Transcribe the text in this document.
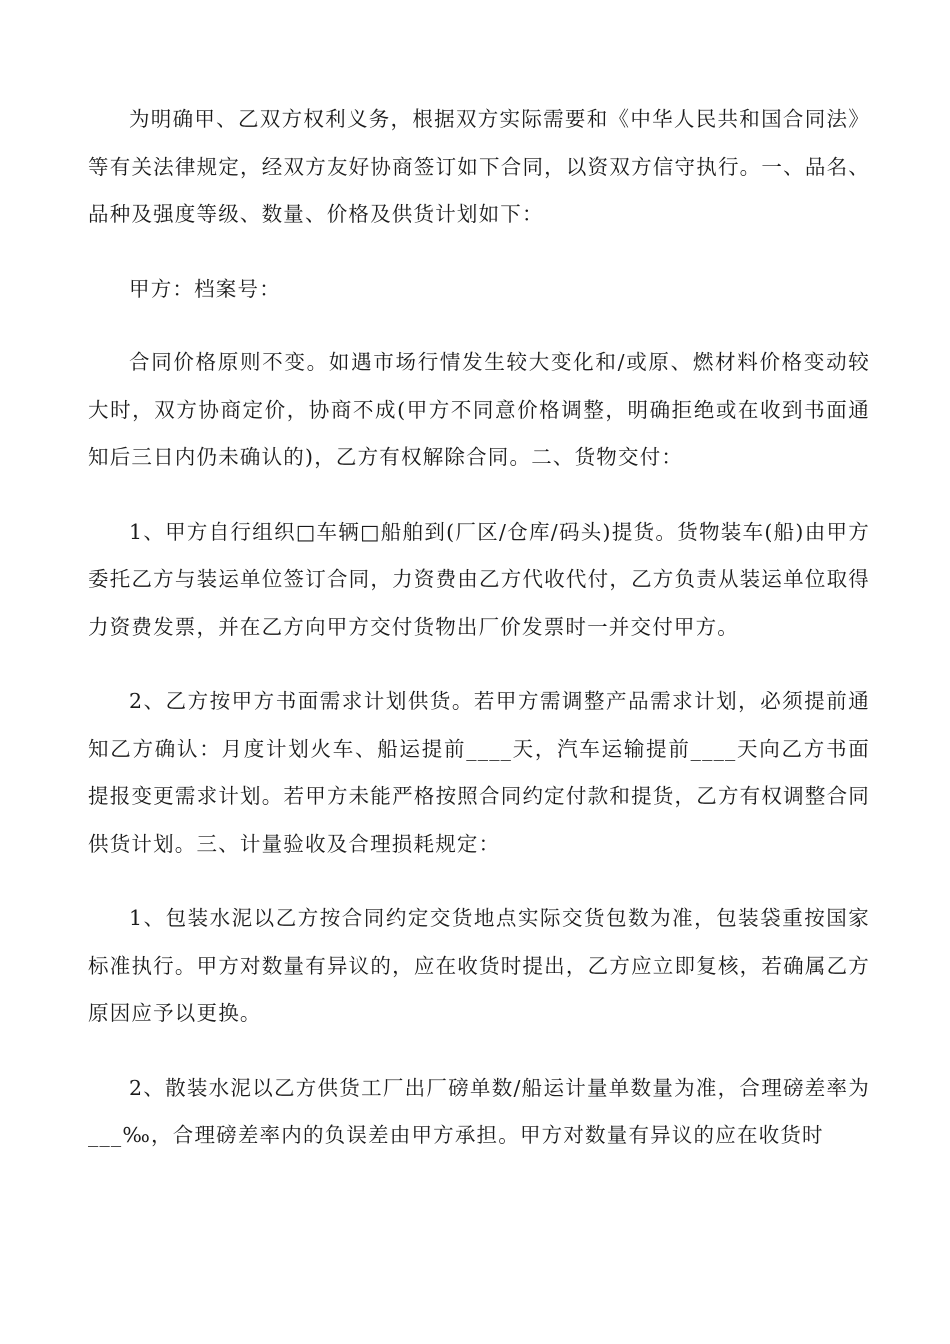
为明确甲、乙双方权利义务，根据双方实际需要和《中华人民共和国合同法》等有关法律规定，经双方友好协商签订如下合同，以资双方信守执行。一、品名、品种及强度等级、数量、价格及供货计划如下：

甲方：档案号：

合同价格原则不变。如遇市场行情发生较大变化和/或原、燃材料价格变动较大时，双方协商定价，协商不成(甲方不同意价格调整，明确拒绝或在收到书面通知后三日内仍未确认的)，乙方有权解除合同。二、货物交付：

1、甲方自行组织□车辆□船舶到(厂区/仓库/码头)提货。货物装车(船)由甲方委托乙方与装运单位签订合同，力资费由乙方代收代付，乙方负责从装运单位取得力资费发票，并在乙方向甲方交付货物出厂价发票时一并交付甲方。

2、乙方按甲方书面需求计划供货。若甲方需调整产品需求计划，必须提前通知乙方确认：月度计划火车、船运提前____天，汽车运输提前____天向乙方书面提报变更需求计划。若甲方未能严格按照合同约定付款和提货，乙方有权调整合同供货计划。三、计量验收及合理损耗规定：

1、包装水泥以乙方按合同约定交货地点实际交货包数为准，包装袋重按国家标准执行。甲方对数量有异议的，应在收货时提出，乙方应立即复核，若确属乙方原因应予以更换。

2、散装水泥以乙方供货工厂出厂磅单数/船运计量单数量为准，合理磅差率为___‰，合理磅差率内的负误差由甲方承担。甲方对数量有异议的应在收货时
